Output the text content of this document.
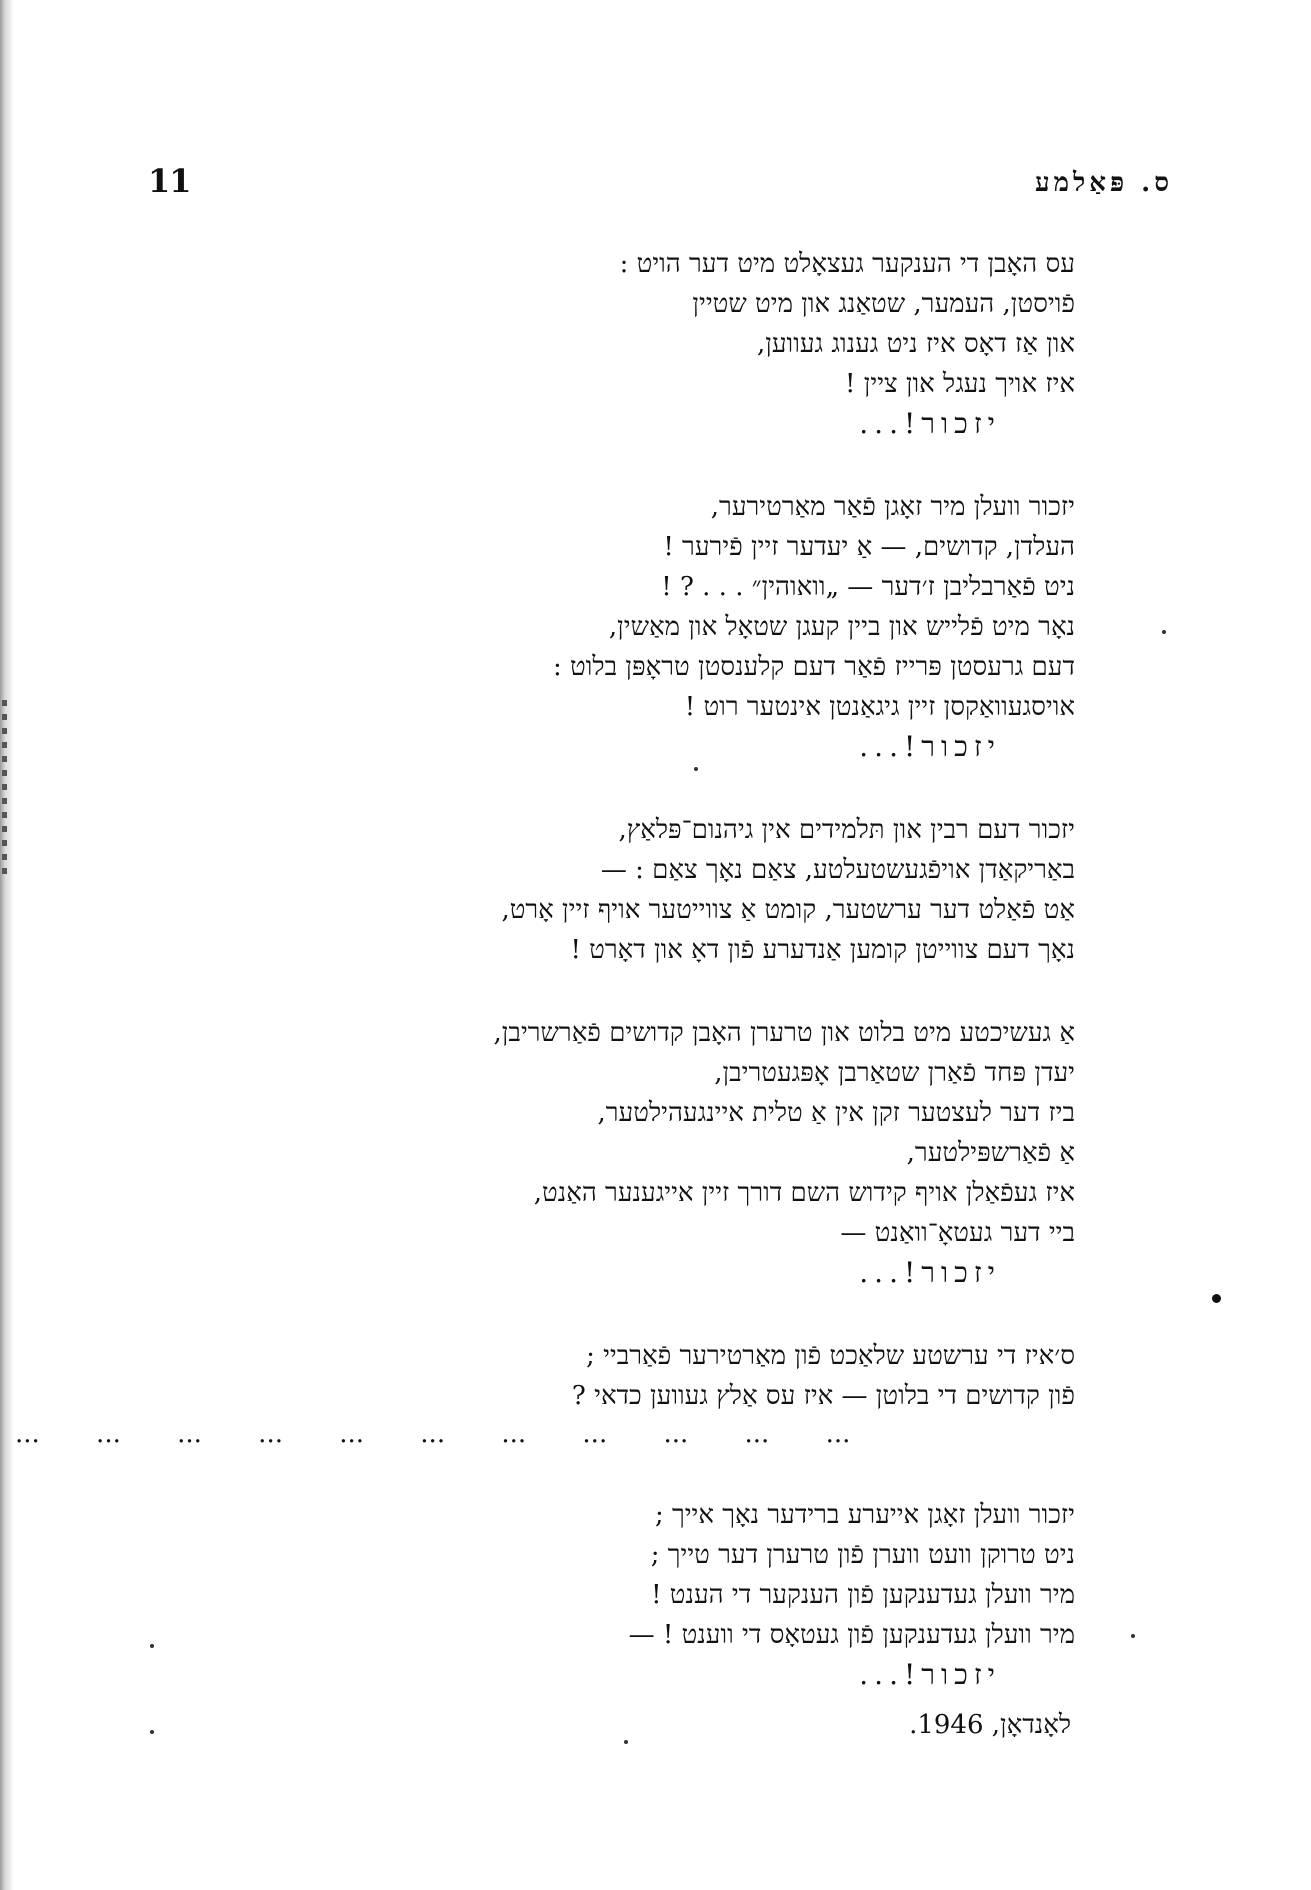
11	ס. פּאַלמע
עס האָבן די הענקער געצאָלט מיט דער הויט :
פֿויסטן, העמער, שטאַנג און מיט שטיין
און אַז דאָס איז ניט גענוג געווען,
איז אויך נעגל און ציין !
יזכור!...
יזכור וועלן מיר זאָגן פֿאַר מאַרטירער,
העלדן, קדושים, — אַ יעדער זיין פֿירער !
ניט פֿאַרבליבן ז׳דער — „וואוהין״ . . . ? !
נאָר מיט פֿלייש און ביין קעגן שטאָל און מאַשין,
דעם גרעסטן פּרייז פֿאַר דעם קלענסטן טראָפּן בלוט :
אויסגעוואַקסן זיין גיגאַנטן אינטער רוט !
יזכור!...
יזכור דעם רבין און תּלמידים אין גיהנום־פּלאַץ,
באַריקאַדן אויפֿגעשטעלטע, צאַם נאָך צאַם : —
אַט פֿאַלט דער ערשטער, קומט אַ צווייטער אויף זיין אָרט,
נאָך דעם צווייטן קומען אַנדערע פֿון דאָ און דאָרט !
אַ געשיכטע מיט בלוט און טרערן האָבן קדושים פֿאַרשריבן,
יעדן פּחד פֿאַרן שטאַרבן אָפּגעטריבן,
ביז דער לעצטער זקן אין אַ טלית איינגעהילטער,
אַ פֿאַרשפּילטער,
איז געפֿאַלן אויף קידוש השם דורך זיין אייגענער האַנט,
ביי דער געטאָ־וואַנט —
יזכור!...
ס׳איז די ערשטע שלאַכט פֿון מאַרטירער פֿאַרביי ;
פֿון קדושים די בלוטן — איז עס אַלץ געווען כדאי ?
... ... ... ... ... ... ... ... ... ... ...
יזכור וועלן זאָגן אייערע ברידער נאָך אייך ;
ניט טרוקן וועט ווערן פֿון טרערן דער טייך ;
מיר וועלן געדענקען פֿון הענקער די הענט !
מיר וועלן געדענקען פֿון געטאָס די ווענט ! —
יזכור!...
לאָנדאָן, 1946.
